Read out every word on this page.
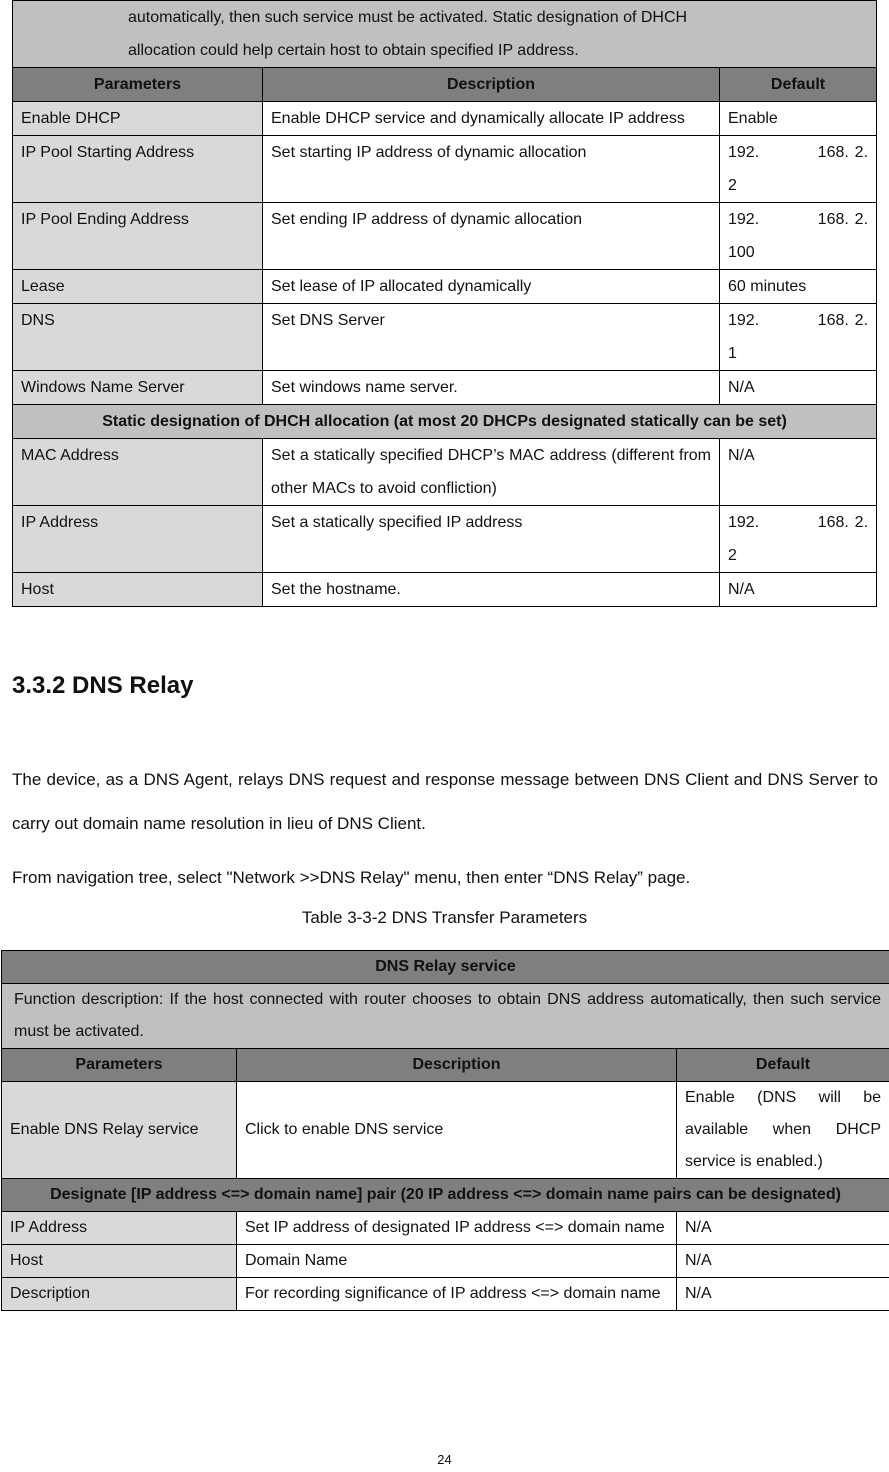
automatically, then such service must be activated. Static designation of DHCH
allocation could help certain host to obtain specified IP address.		
Parameters	Description	Default
Enable DHCP	Enable DHCP service and dynamically allocate IP address	Enable
IP Pool Starting Address	Set starting IP address of dynamic allocation	192.          168. 2.    2
IP Pool Ending Address	Set ending IP address of dynamic allocation	192.          168. 2.    100
Lease	Set lease of IP allocated dynamically	60 minutes
DNS	Set DNS Server	192.          168. 2.    1
Windows Name Server	Set windows name server.	N/A
Static designation of DHCH allocation (at most 20 DHCPs designated statically can be set)		
MAC Address	Set a statically specified DHCP’s MAC address (different from other MACs to avoid confliction)	N/A
IP Address	Set a statically specified IP address	192.          168. 2.    2
Host	Set the hostname.	N/A
3.3.2 DNS Relay

The device, as a DNS Agent, relays DNS request and response message between DNS Client and DNS Server to carry out domain name resolution in lieu of DNS Client.

From navigation tree, select "Network >>DNS Relay" menu, then enter “DNS Relay” page.

Table 3-3-2 DNS Transfer Parameters
DNS Relay service		
Function description: If the host connected with router chooses to obtain DNS address automatically, then such service must be activated.		
Parameters	Description	Default
Enable DNS Relay service	Click to enable DNS service	Enable (DNS will be available when DHCP service is enabled.)
Designate [IP address <=> domain name] pair (20 IP address <=> domain name pairs can be designated)		
IP Address	Set IP address of designated IP address <=> domain name	N/A
Host	Domain Name	N/A
Description	For recording significance of IP address <=> domain name	N/A
24
